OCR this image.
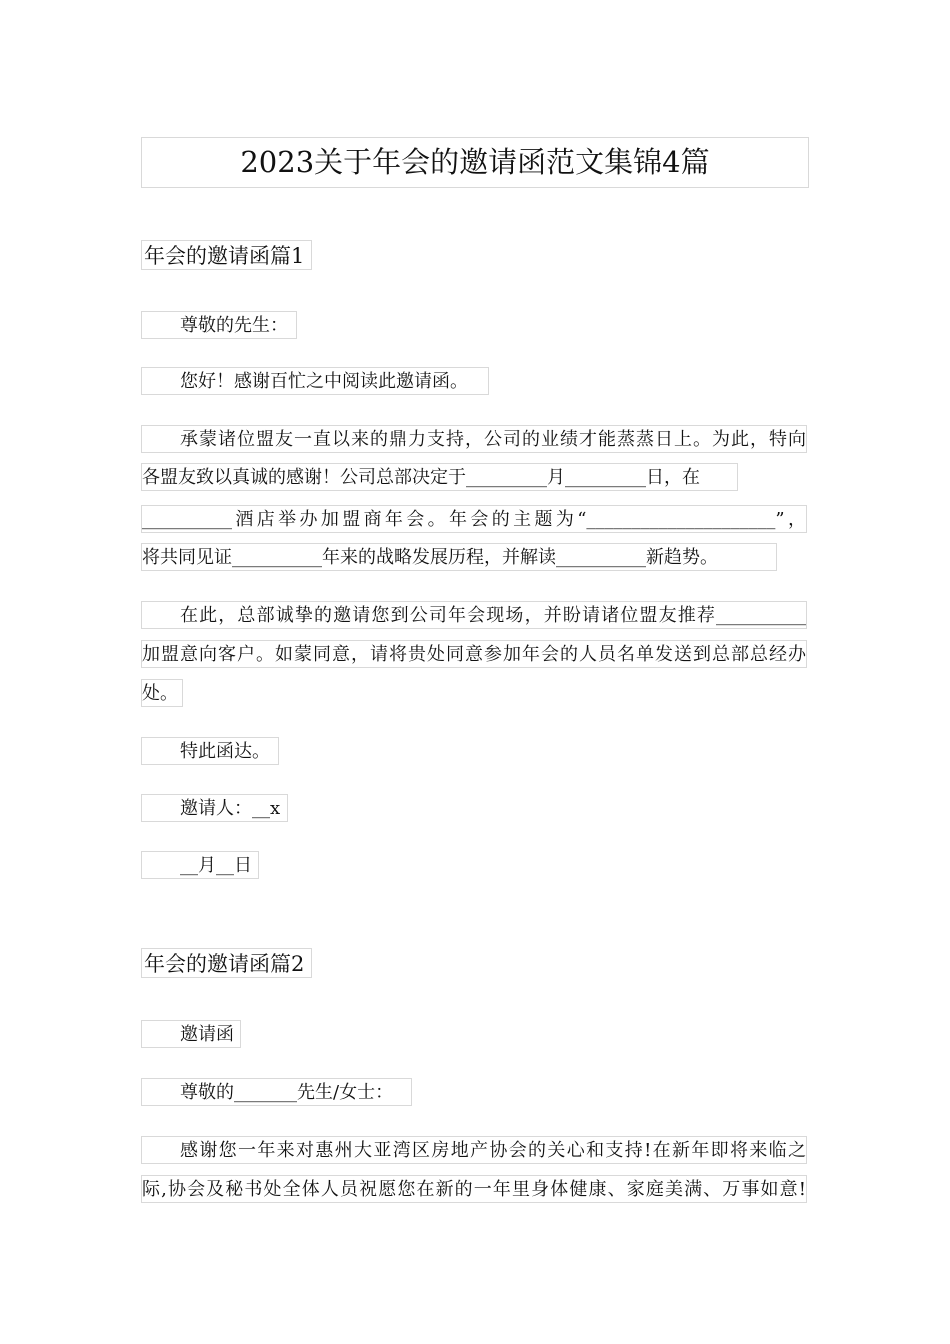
2023关于年会的邀请函范文集锦4篇
年会的邀请函篇1
尊敬的先生：
您好！感谢百忙之中阅读此邀请函。
承蒙诸位盟友一直以来的鼎力支持，公司的业绩才能蒸蒸日上。为此，特向
各盟友致以真诚的感谢！公司总部决定于_________月_________日，在
__________酒店举办加盟商年会。年会的主题为“_____________________”，
将共同见证__________年来的战略发展历程，并解读__________新趋势。
在此，总部诚挚的邀请您到公司年会现场，并盼请诸位盟友推荐__________
加盟意向客户。如蒙同意，请将贵处同意参加年会的人员名单发送到总部总经办
处。
特此函达。
邀请人：__x
__月__日
年会的邀请函篇2
邀请函
尊敬的_______先生/女士：
感谢您一年来对惠州大亚湾区房地产协会的关心和支持!在新年即将来临之
际,协会及秘书处全体人员祝愿您在新的一年里身体健康、家庭美满、万事如意!
